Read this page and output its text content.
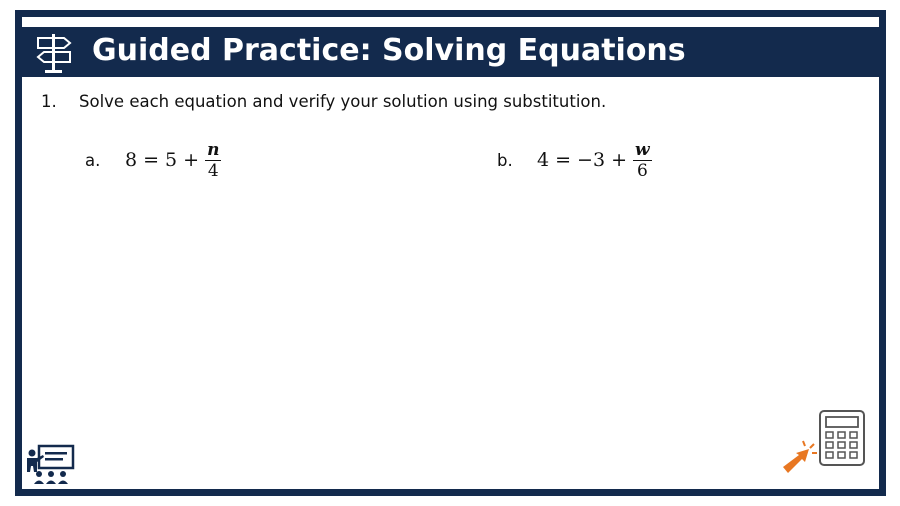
Guided Practice: Solving Equations
1. Solve each equation and verify your solution using substitution.
a.	$8 = 5 + \frac{n}{4}$	b.	$4 = -3 + \frac{w}{6}$
